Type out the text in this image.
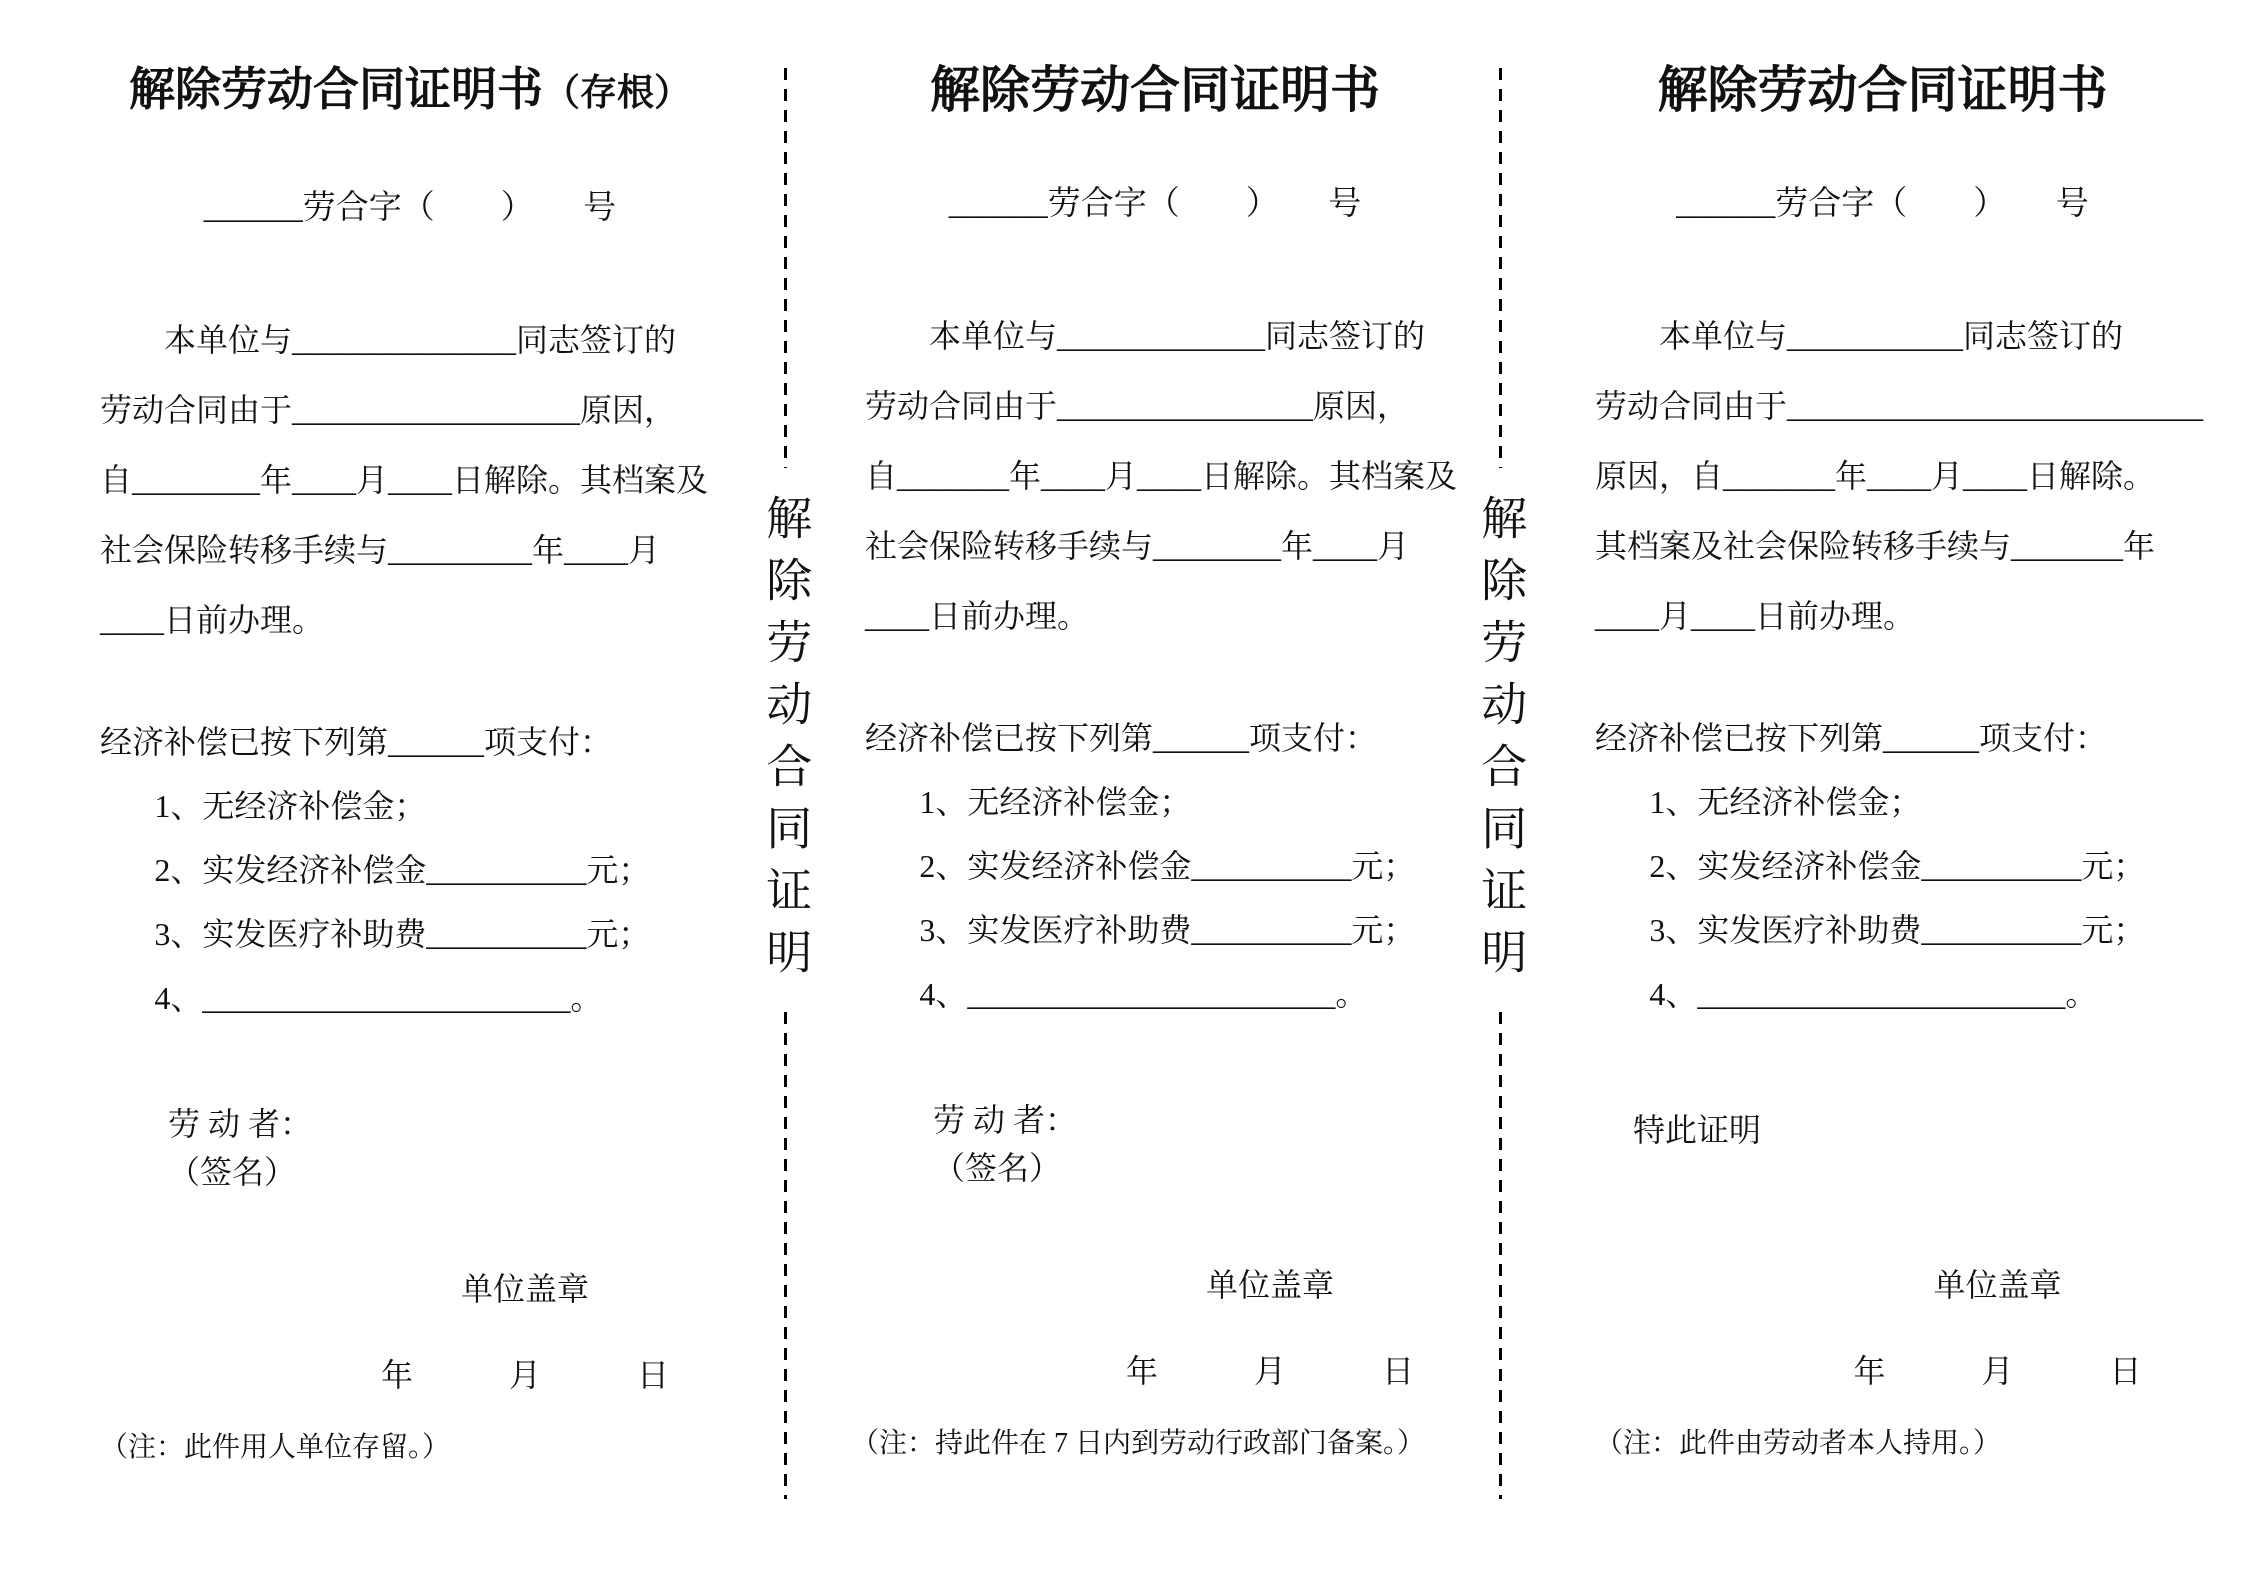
解除劳动合同证明书（存根）
______劳合字（　　）　　号

本单位与______________同志签订的

劳动合同由于__________________原因，

自________年____月____日解除。其档案及

社会保险转移手续与_________年____月

____日前办理。

经济补偿已按下列第______项支付：

1、无经济补偿金；

2、实发经济补偿金__________元；

3、实发医疗补助费__________元；

4、_______________________。

劳 动 者：

（签名）

单位盖章

年　　　月　　　日

（注：此件用人单位存留。）

解除劳动合同证明
解除劳动合同证明书
______劳合字（　　）　　号

本单位与_____________同志签订的

劳动合同由于________________原因，

自_______年____月____日解除。其档案及

社会保险转移手续与________年____月

____日前办理。

经济补偿已按下列第______项支付：

1、无经济补偿金；

2、实发经济补偿金__________元；

3、实发医疗补助费__________元；

4、_______________________。

劳 动 者：

（签名）

单位盖章

年　　　月　　　日

（注：持此件在 7 日内到劳动行政部门备案。）

解除劳动合同证明
解除劳动合同证明书
______劳合字（　　）　　号

本单位与___________同志签订的

劳动合同由于__________________________

原因，自_______年____月____日解除。

其档案及社会保险转移手续与_______年

____月____日前办理。

经济补偿已按下列第______项支付：

1、无经济补偿金；

2、实发经济补偿金__________元；

3、实发医疗补助费__________元；

4、_______________________。

特此证明

单位盖章

年　　　月　　　日

（注：此件由劳动者本人持用。）
